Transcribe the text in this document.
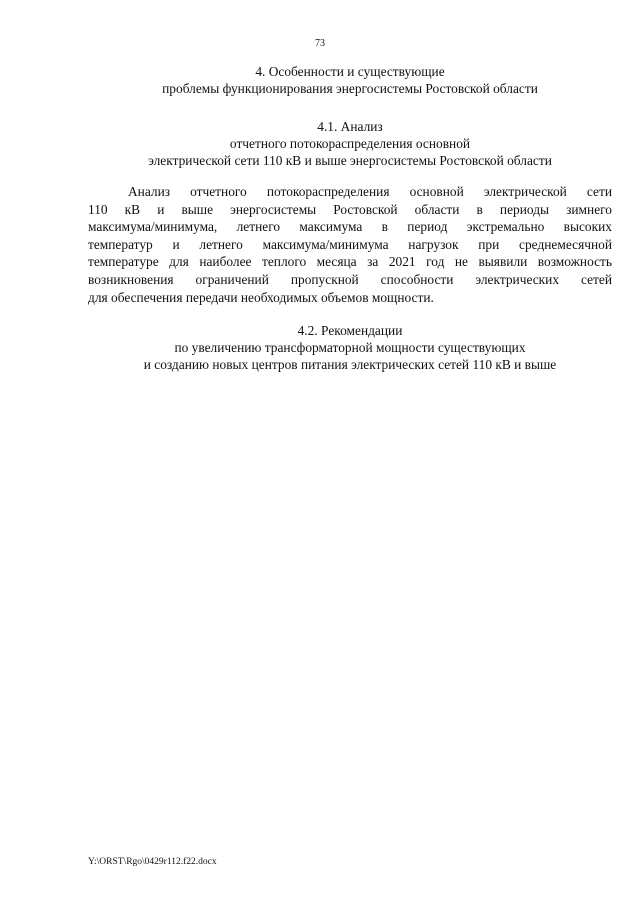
73
4. Особенности и существующие
проблемы функционирования энергосистемы Ростовской области
4.1. Анализ
отчетного потокораспределения основной
электрической сети 110 кВ и выше энергосистемы Ростовской области
Анализ отчетного потокораспределения основной электрической сети
110 кВ и выше энергосистемы Ростовской области в периоды зимнего
максимума/минимума, летнего максимума в период экстремально высоких
температур и летнего максимума/минимума нагрузок при среднемесячной
температуре для наиболее теплого месяца за 2021 год не выявили возможность
возникновения ограничений пропускной способности электрических сетей
для обеспечения передачи необходимых объемов мощности.
4.2. Рекомендации
по увеличению трансформаторной мощности существующих
и созданию новых центров питания электрических сетей 110 кВ и выше
Y:\ORST\Rgo\0429r112.f22.docx
